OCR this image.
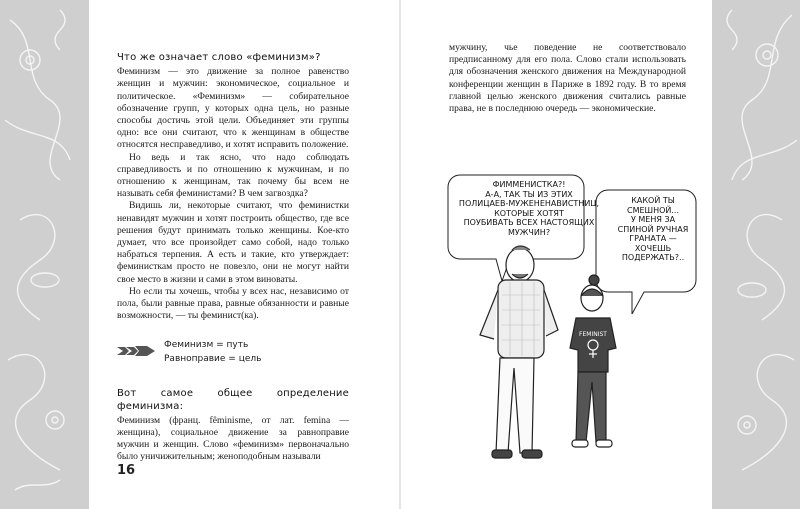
Что же означает слово «феминизм»?

Феминизм — это движение за полное равенство женщин и мужчин: экономическое, социальное и политическое. «Феминизм» — собирательное обозначение групп, у которых одна цель, но разные способы достичь этой цели. Объединяет эти группы одно: все они считают, что к женщинам в обществе относятся несправедливо, и хотят исправить положение.

Но ведь и так ясно, что надо соблюдать справедливость и по отношению к мужчинам, и по отношению к женщинам, так почему бы всем не называть себя феминистами? В чем загвоздка?

Видишь ли, некоторые считают, что феминистки ненавидят мужчин и хотят построить общество, где все решения будут принимать только женщины. Кое-кто думает, что все произойдет само собой, надо только набраться терпения. А есть и такие, кто утверждает: феминисткам просто не повезло, они не могут найти свое место в жизни и сами в этом виноваты.

Но если ты хочешь, чтобы у всех нас, независимо от пола, были равные права, равные обязанности и равные возможности, — ты феминист(ка).

Феминизм = путь
Равноправие = цель
Вот самое общее определение феминизма:

Феминизм (франц. fêminisme, от лат. femina — женщина), социальное движение за равноправие мужчин и женщин. Слово «феминизм» первоначально было уничижительным; женоподобным называли

16

мужчину, чье поведение не соответствовало предписанному для его пола. Слово стали использовать для обозначения женского движения на Международной конференции женщин в Париже в 1892 году. В то время главной целью женского движения считались равные права, не в последнюю очередь — экономические.

FEMINIST
ФИММЕНИСТКА?!
А-А, ТАК ТЫ ИЗ ЭТИХ
ПОЛИЦАЕВ-МУЖЕНЕНАВИСТНИЦ,
КОТОРЫЕ ХОТЯТ
ПОУБИВАТЬ ВСЕХ НАСТОЯЩИХ
МУЖЧИН?
КАКОЙ ТЫ
СМЕШНОЙ...
У МЕНЯ ЗА
СПИНОЙ РУЧНАЯ
ГРАНАТА —
ХОЧЕШЬ
ПОДЕРЖАТЬ?..
